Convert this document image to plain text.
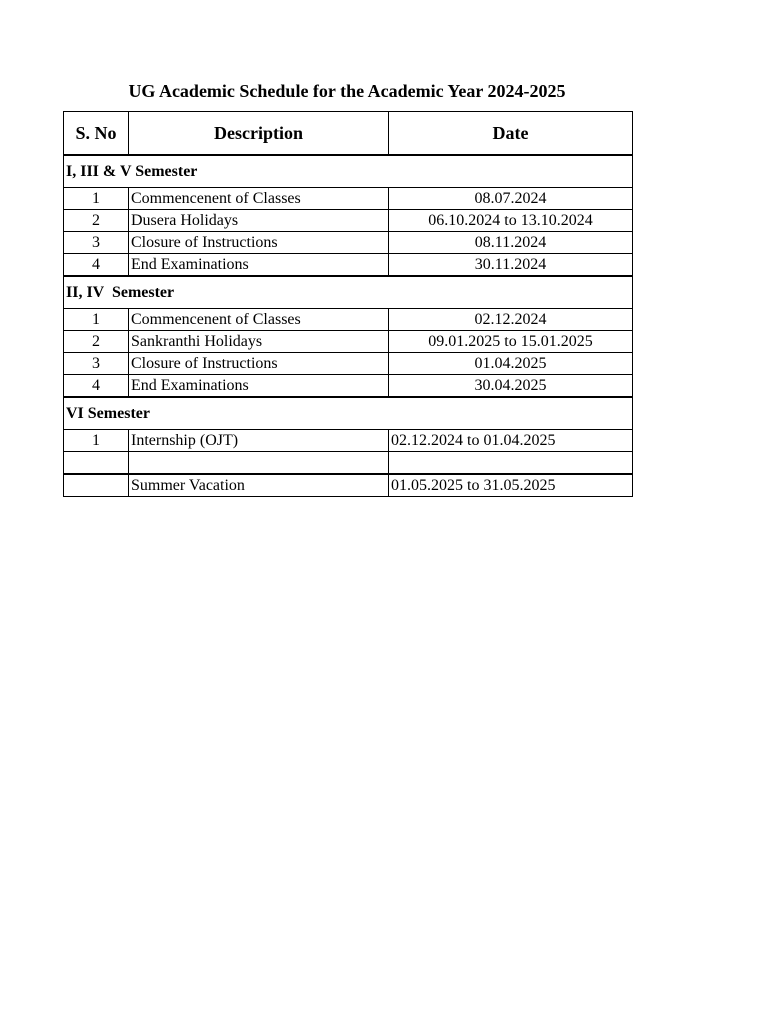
UG Academic Schedule for the Academic Year 2024-2025
S. No	Description	Date
I, III & V Semester		
1	Commencenent of Classes	08.07.2024
2	Dusera Holidays	06.10.2024 to 13.10.2024
3	Closure of Instructions	08.11.2024
4	End Examinations	30.11.2024
II, IV  Semester		
1	Commencenent of Classes	02.12.2024
2	Sankranthi Holidays	09.01.2025 to 15.01.2025
3	Closure of Instructions	01.04.2025
4	End Examinations	30.04.2025
VI Semester		
1	Internship (OJT)	02.12.2024 to 01.04.2025

	Summer Vacation	01.05.2025 to 31.05.2025
